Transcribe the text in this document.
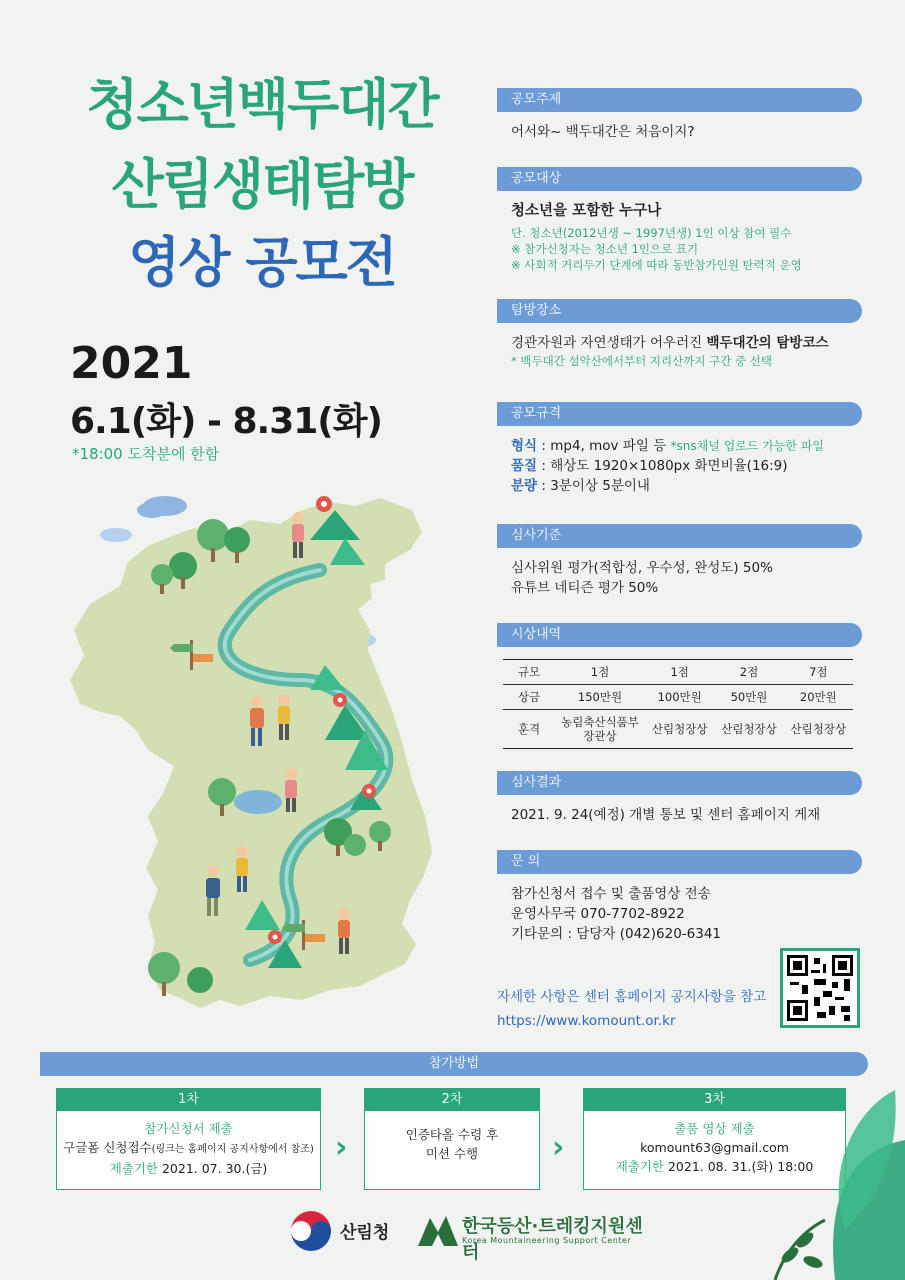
청소년백두대간
산림생태탐방
영상 공모전
2021
6.1(화) - 8.31(화)
*18:00 도착분에 한함
공모주제
어서와~ 백두대간은 처음이지?
공모대상
청소년을 포함한 누구나
단. 청소년(2012년생 ~ 1997년생) 1인 이상 참여 필수
※ 참가신청자는 청소년 1인으로 표기
※ 사회적 거리두기 단계에 따라 동반참가인원 탄력적 운영
탐방장소
경관자원과 자연생태가 어우러진 백두대간의 탐방코스
* 백두대간 설악산에서부터 지리산까지 구간 중 선택
공모규격
형식 : mp4, mov 파일 등 *sns채널 업로드 가능한 파일
품질 : 해상도 1920×1080px 화면비율(16:9)
분량 : 3분이상 5분이내
심사기준
심사위원 평가(적합성, 우수성, 완성도) 50%
유튜브 네티즌 평가 50%
시상내역
규모	1점	1점	2점	7점
상금	150만원	100만원	50만원	20만원
훈격	농림축산식품부 장관상	산림청장상	산림청장상	산림청장상
심사결과
2021. 9. 24(예정) 개별 통보 및 센터 홈페이지 게재
문 의
참가신청서 접수 및 출품영상 전송
운영사무국 070-7702-8922
기타문의 : 담당자 (042)620-6341
자세한 사항은 센터 홈페이지 공지사항을 참고
https://www.komount.or.kr
참가방법
1차
참가신청서 제출
구글폼 신청접수(링크는 홈페이지 공지사항에서 참조)
제출기한 2021. 07. 30.(금)
›
2차
인증타올 수령 후
미션 수행	›
3차
출품 영상 제출
komount63@gmail.com
제출기한 2021. 08. 31.(화) 18:00
산림청	한국등산·트레킹지원센터
Korea Mountaineering Support Center
